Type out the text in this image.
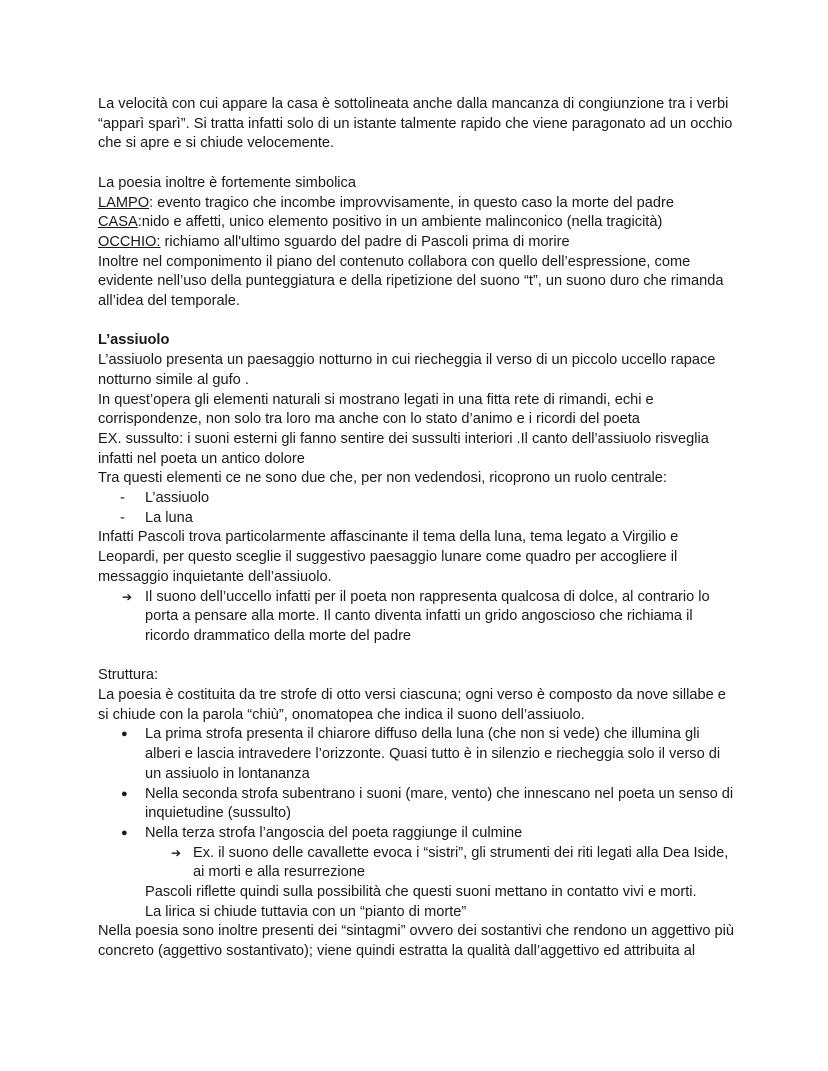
La velocità con cui appare la casa è sottolineata anche dalla mancanza di congiunzione tra i verbi “apparì sparì”. Si tratta infatti solo di un istante talmente rapido che viene paragonato ad un occhio che si apre e si chiude velocemente.

La poesia inoltre è fortemente simbolica

LAMPO: evento tragico che incombe improvvisamente, in questo caso la morte del padre

CASA:nido e affetti, unico elemento positivo in un ambiente malinconico (nella tragicità)

OCCHIO: richiamo all'ultimo sguardo del padre di Pascoli prima di morire

Inoltre nel componimento il piano del contenuto collabora con quello dell’espressione, come evidente nell’uso della punteggiatura e della ripetizione del suono “t”, un suono duro che rimanda all’idea del temporale.

L’assiuolo

L’assiuolo presenta un paesaggio notturno in cui riecheggia il verso di un piccolo uccello rapace notturno simile al gufo .

In quest’opera gli elementi naturali si mostrano legati in una fitta rete di rimandi, echi e corrispondenze, non solo tra loro ma anche con lo stato d’animo e i ricordi del poeta

EX. sussulto: i suoni esterni gli fanno sentire dei sussulti interiori .Il canto dell’assiuolo risveglia infatti nel poeta un antico dolore

Tra questi elementi ce ne sono due che, per non vedendosi, ricoprono un ruolo centrale:

- L’assiuolo
- La luna

Infatti Pascoli trova particolarmente affascinante il tema della luna, tema legato a Virgilio e Leopardi, per questo sceglie il suggestivo paesaggio lunare come quadro per accogliere il messaggio inquietante dell’assiuolo.

➔ Il suono dell’uccello infatti per il poeta non rappresenta qualcosa di dolce, al contrario lo porta a pensare alla morte. Il canto diventa infatti un grido angoscioso che richiama il ricordo drammatico della morte del padre

Struttura:

La poesia è costituita da tre strofe di otto versi ciascuna; ogni verso è composto da nove sillabe e si chiude con la parola “chiù”, onomatopea che indica il suono dell’assiuolo.

● La prima strofa presenta il chiarore diffuso della luna (che non si vede) che illumina gli alberi e lascia intravedere l’orizzonte. Quasi tutto è in silenzio e riecheggia solo il verso di un assiuolo in lontananza
● Nella seconda strofa subentrano i suoni (mare, vento) che innescano nel poeta un senso di inquietudine (sussulto)
● Nella terza strofa l’angoscia del poeta raggiunge il culmine
➔ Ex. il suono delle cavallette evoca i “sistri”, gli strumenti dei riti legati alla Dea Iside, ai morti e alla resurrezione

Pascoli riflette quindi sulla possibilità che questi suoni mettano in contatto vivi e morti.

La lirica si chiude tuttavia con un “pianto di morte”

Nella poesia sono inoltre presenti dei “sintagmi” ovvero dei sostantivi che rendono un aggettivo più concreto (aggettivo sostantivato); viene quindi estratta la qualità dall’aggettivo ed attribuita al
